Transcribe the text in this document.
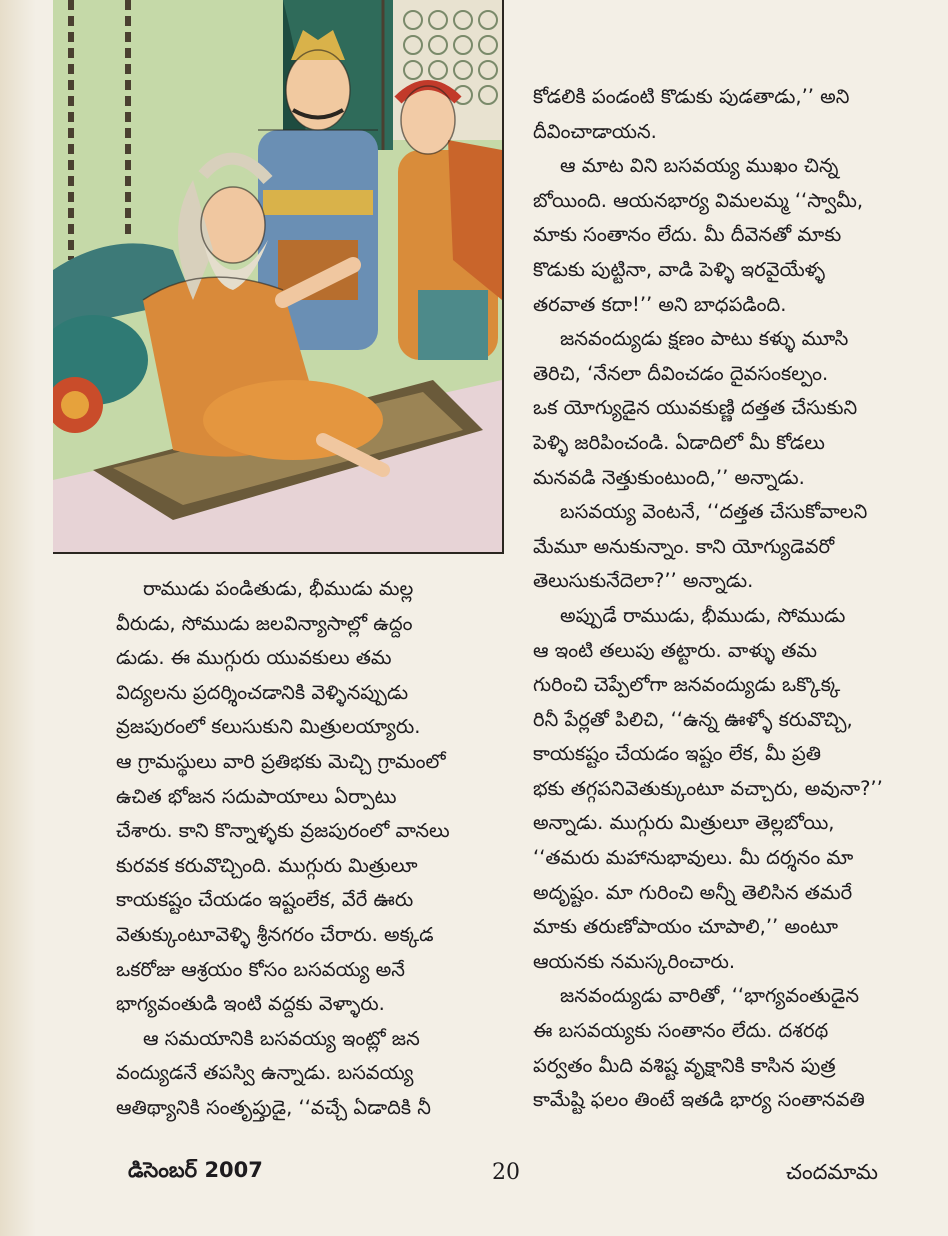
రాముడు పండితుడు, భీముడు మల్ల

వీరుడు, సోముడు జలవిన్యాసాల్లో ఉద్దం

డుడు. ఈ ముగ్గురు యువకులు తమ

విద్యలను ప్రదర్శించడానికి వెళ్ళినప్పుడు

వ్రజపురంలో కలుసుకుని మిత్రులయ్యారు.

ఆ గ్రామస్థులు వారి ప్రతిభకు మెచ్చి గ్రామంలో

ఉచిత భోజన సదుపాయాలు ఏర్పాటు

చేశారు. కాని కొన్నాళ్ళకు వ్రజపురంలో వానలు

కురవక కరువొచ్చింది. ముగ్గురు మిత్రులూ

కాయకష్టం చేయడం ఇష్టంలేక, వేరే ఊరు

వెతుక్కుంటూవెళ్ళి శ్రీనగరం చేరారు. అక్కడ

ఒకరోజు ఆశ్రయం కోసం బసవయ్య అనే

భాగ్యవంతుడి ఇంటి వద్దకు వెళ్ళారు.

ఆ సమయానికి బసవయ్య ఇంట్లో జన

వంద్యుడనే తపస్వి ఉన్నాడు. బసవయ్య

ఆతిథ్యానికి సంతృప్తుడై, ‘‘వచ్చే ఏడాదికి నీ

కోడలికి పండంటి కొడుకు పుడతాడు,’’ అని

దీవించాడాయన.

ఆ మాట విని బసవయ్య ముఖం చిన్న

బోయింది. ఆయనభార్య విమలమ్మ ‘‘స్వామీ,

మాకు సంతానం లేదు. మీ దీవెనతో మాకు

కొడుకు పుట్టినా, వాడి పెళ్ళి ఇరవైయేళ్ళ

తరవాత కదా!’’ అని బాధపడింది.

జనవంద్యుడు క్షణం పాటు కళ్ళు మూసి

తెరిచి, ‘నేనలా దీవించడం దైవసంకల్పం.

ఒక యోగ్యుడైన యువకుణ్ణి దత్తత చేసుకుని

పెళ్ళి జరిపించండి. ఏడాదిలో మీ కోడలు

మనవడి నెత్తుకుంటుంది,’’ అన్నాడు.

బసవయ్య వెంటనే, ‘‘దత్తత చేసుకోవాలని

మేమూ అనుకున్నాం. కాని యోగ్యుడెవరో

తెలుసుకునేదెలా?’’ అన్నాడు.

అప్పుడే రాముడు, భీముడు, సోముడు

ఆ ఇంటి తలుపు తట్టారు. వాళ్ళు తమ

గురించి చెప్పేలోగా జనవంద్యుడు ఒక్కొక్క

రినీ పేర్లతో పిలిచి, ‘‘ఉన్న ఊళ్ళో కరువొచ్చి,

కాయకష్టం చేయడం ఇష్టం లేక, మీ ప్రతి

భకు తగ్గపనివెతుక్కుంటూ వచ్చారు, అవునా?’’

అన్నాడు. ముగ్గురు మిత్రులూ తెల్లబోయి,

‘‘తమరు మహానుభావులు. మీ దర్శనం మా

అదృష్టం. మా గురించి అన్నీ తెలిసిన తమరే

మాకు తరుణోపాయం చూపాలి,’’ అంటూ

ఆయనకు నమస్కరించారు.

జనవంద్యుడు వారితో, ‘‘భాగ్యవంతుడైన

ఈ బసవయ్యకు సంతానం లేదు. దశరథ

పర్వతం మీది వశిష్ట వృక్షానికి కాసిన పుత్ర

కామేష్టి ఫలం తింటే ఇతడి భార్య సంతానవతి

డిసెంబర్ 2007	20	చందమామ
